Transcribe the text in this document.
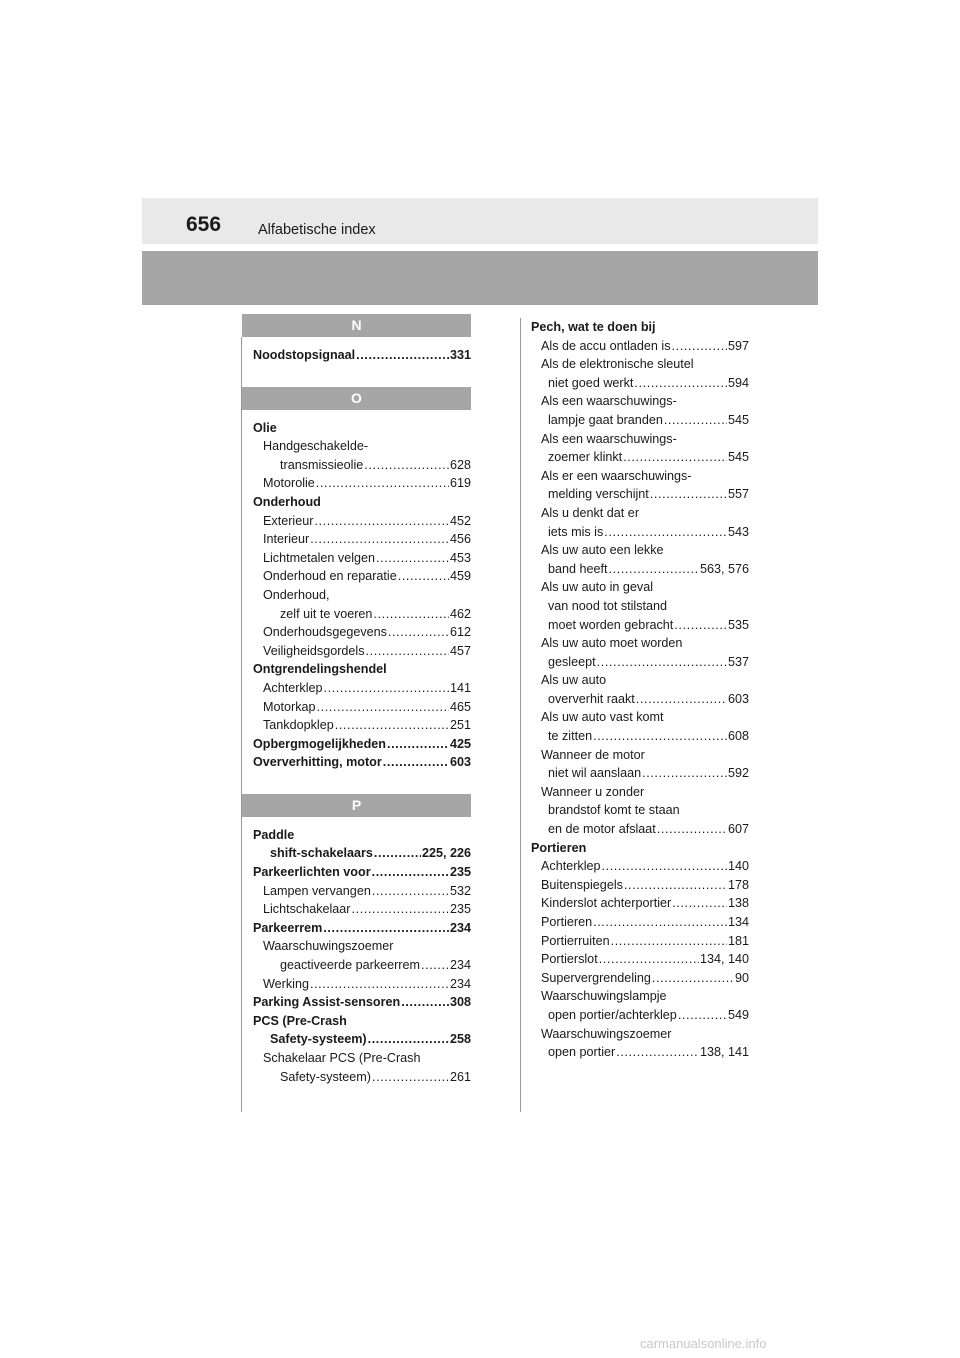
656	Alfabetische index
N
Noodstopsignaal .....	331
O
Olie
Handgeschakelde-
transmissieolie .....	628
Motorolie .....	619
Onderhoud
Exterieur .....	452
Interieur .....	456
Lichtmetalen velgen .....	453
Onderhoud en reparatie .....	459
Onderhoud,
zelf uit te voeren .....	462
Onderhoudsgegevens .....	612
Veiligheidsgordels .....	457
Ontgrendelingshendel
Achterklep .....	141
Motorkap .....	465
Tankdopklep .....	251
Opbergmogelijkheden .....	425
Oververhitting, motor .....	603
P
Paddle
shift-schakelaars .....	225, 226
Parkeerlichten voor .....	235
Lampen vervangen .....	532
Lichtschakelaar .....	235
Parkeerrem .....	234
Waarschuwingszoemer
geactiveerde parkeerrem ..... 234
Werking .....	234
Parking Assist-sensoren .....	308
PCS (Pre-Crash
Safety-systeem) .....	258
Schakelaar PCS (Pre-Crash
Safety-systeem) .....	261
Pech, wat te doen bij
Als de accu ontladen is .....	597
Als de elektronische sleutel
niet goed werkt .....	594
Als een waarschuwings-
lampje gaat branden .....	545
Als een waarschuwings-
zoemer klinkt .....	545
Als er een waarschuwings-
melding verschijnt .....	557
Als u denkt dat er
iets mis is .....	543
Als uw auto een lekke
band heeft .....	563, 576
Als uw auto in geval
van nood tot stilstand
moet worden gebracht .....	535
Als uw auto moet worden
gesleept .....	537
Als uw auto
oververhit raakt .....	603
Als uw auto vast komt
te zitten .....	608
Wanneer de motor
niet wil aanslaan .....	592
Wanneer u zonder
brandstof komt te staan
en de motor afslaat .....	607
Portieren
Achterklep .....	140
Buitenspiegels .....	178
Kinderslot achterportier .....	138
Portieren .....	134
Portierruiten .....	181
Portierslot .....	134, 140
Supervergrendeling .....	90
Waarschuwingslampje
open portier/achterklep .....	549
Waarschuwingszoemer
open portier .....	138, 141
carmanualsonline.info
